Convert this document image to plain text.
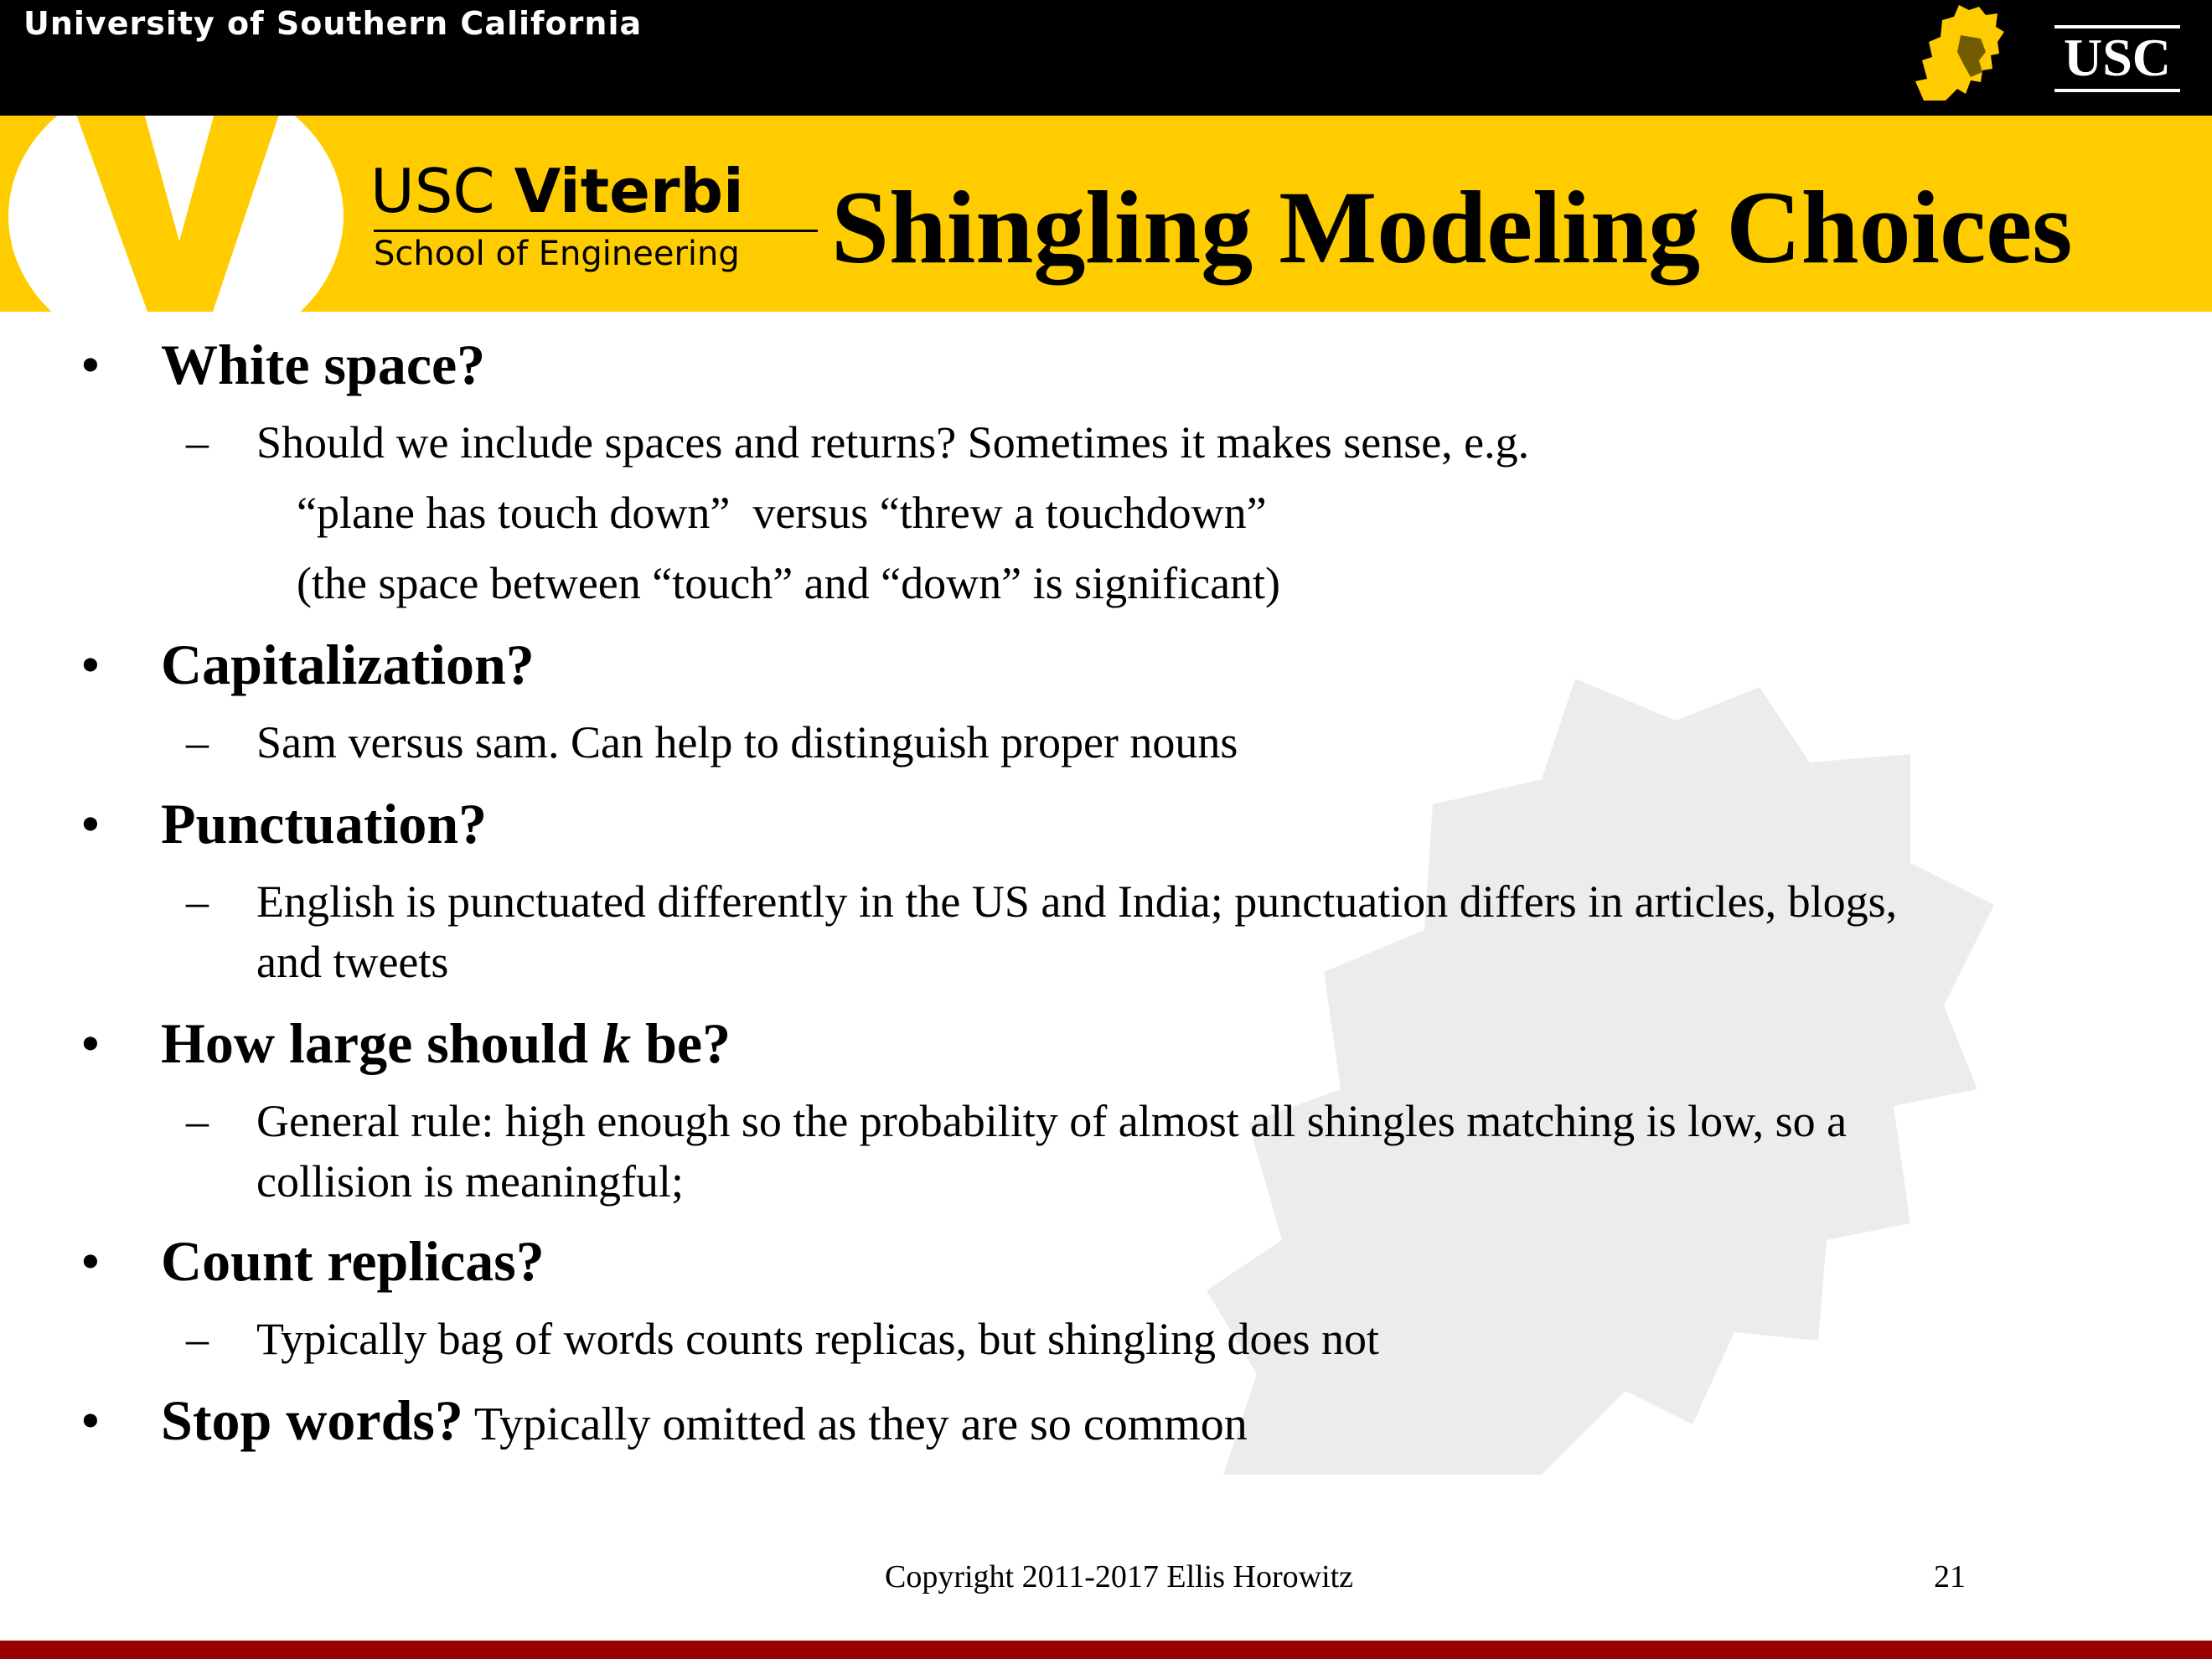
University of Southern California
USC
USC Viterbi
School of Engineering Shingling Modeling Choices
• White space?
– Should we include spaces and returns? Sometimes it makes sense, e.g.
“plane has touch down”  versus “threw a touchdown”
(the space between “touch” and “down” is significant)
• Capitalization?
– Sam versus sam. Can help to distinguish proper nouns
• Punctuation?
– English is punctuated differently in the US and India; punctuation differs in articles, blogs,
and tweets
• How large should k be?
– General rule: high enough so the probability of almost all shingles matching is low, so a
collision is meaningful;
• Count replicas?
– Typically bag of words counts replicas, but shingling does not
• Stop words? Typically omitted as they are so common
Copyright 2011-2017 Ellis Horowitz	21
